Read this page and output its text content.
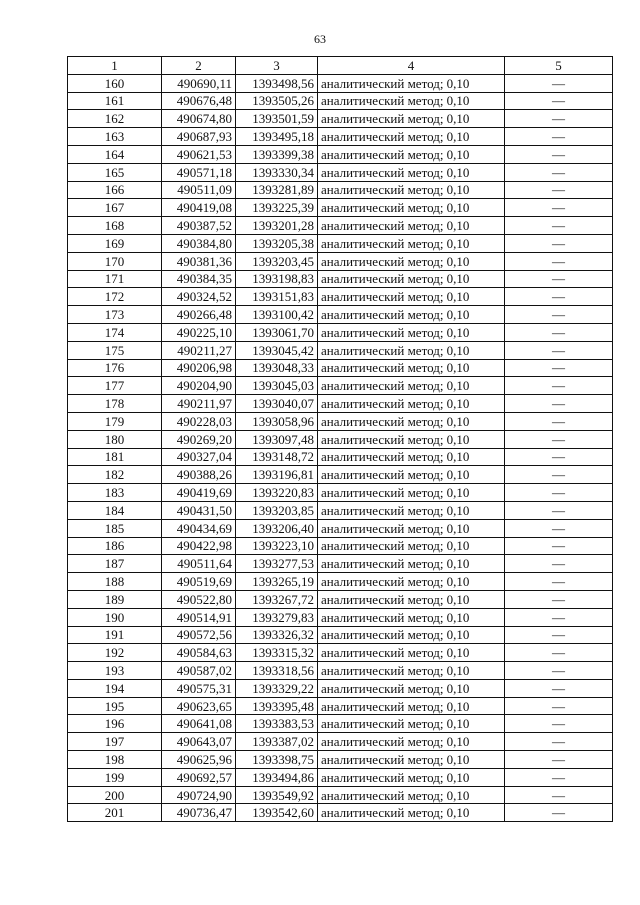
63
1	2	3	4	5
160	490690,11	1393498,56	аналитический метод; 0,10	—
161	490676,48	1393505,26	аналитический метод; 0,10	—
162	490674,80	1393501,59	аналитический метод; 0,10	—
163	490687,93	1393495,18	аналитический метод; 0,10	—
164	490621,53	1393399,38	аналитический метод; 0,10	—
165	490571,18	1393330,34	аналитический метод; 0,10	—
166	490511,09	1393281,89	аналитический метод; 0,10	—
167	490419,08	1393225,39	аналитический метод; 0,10	—
168	490387,52	1393201,28	аналитический метод; 0,10	—
169	490384,80	1393205,38	аналитический метод; 0,10	—
170	490381,36	1393203,45	аналитический метод; 0,10	—
171	490384,35	1393198,83	аналитический метод; 0,10	—
172	490324,52	1393151,83	аналитический метод; 0,10	—
173	490266,48	1393100,42	аналитический метод; 0,10	—
174	490225,10	1393061,70	аналитический метод; 0,10	—
175	490211,27	1393045,42	аналитический метод; 0,10	—
176	490206,98	1393048,33	аналитический метод; 0,10	—
177	490204,90	1393045,03	аналитический метод; 0,10	—
178	490211,97	1393040,07	аналитический метод; 0,10	—
179	490228,03	1393058,96	аналитический метод; 0,10	—
180	490269,20	1393097,48	аналитический метод; 0,10	—
181	490327,04	1393148,72	аналитический метод; 0,10	—
182	490388,26	1393196,81	аналитический метод; 0,10	—
183	490419,69	1393220,83	аналитический метод; 0,10	—
184	490431,50	1393203,85	аналитический метод; 0,10	—
185	490434,69	1393206,40	аналитический метод; 0,10	—
186	490422,98	1393223,10	аналитический метод; 0,10	—
187	490511,64	1393277,53	аналитический метод; 0,10	—
188	490519,69	1393265,19	аналитический метод; 0,10	—
189	490522,80	1393267,72	аналитический метод; 0,10	—
190	490514,91	1393279,83	аналитический метод; 0,10	—
191	490572,56	1393326,32	аналитический метод; 0,10	—
192	490584,63	1393315,32	аналитический метод; 0,10	—
193	490587,02	1393318,56	аналитический метод; 0,10	—
194	490575,31	1393329,22	аналитический метод; 0,10	—
195	490623,65	1393395,48	аналитический метод; 0,10	—
196	490641,08	1393383,53	аналитический метод; 0,10	—
197	490643,07	1393387,02	аналитический метод; 0,10	—
198	490625,96	1393398,75	аналитический метод; 0,10	—
199	490692,57	1393494,86	аналитический метод; 0,10	—
200	490724,90	1393549,92	аналитический метод; 0,10	—
201	490736,47	1393542,60	аналитический метод; 0,10	—
